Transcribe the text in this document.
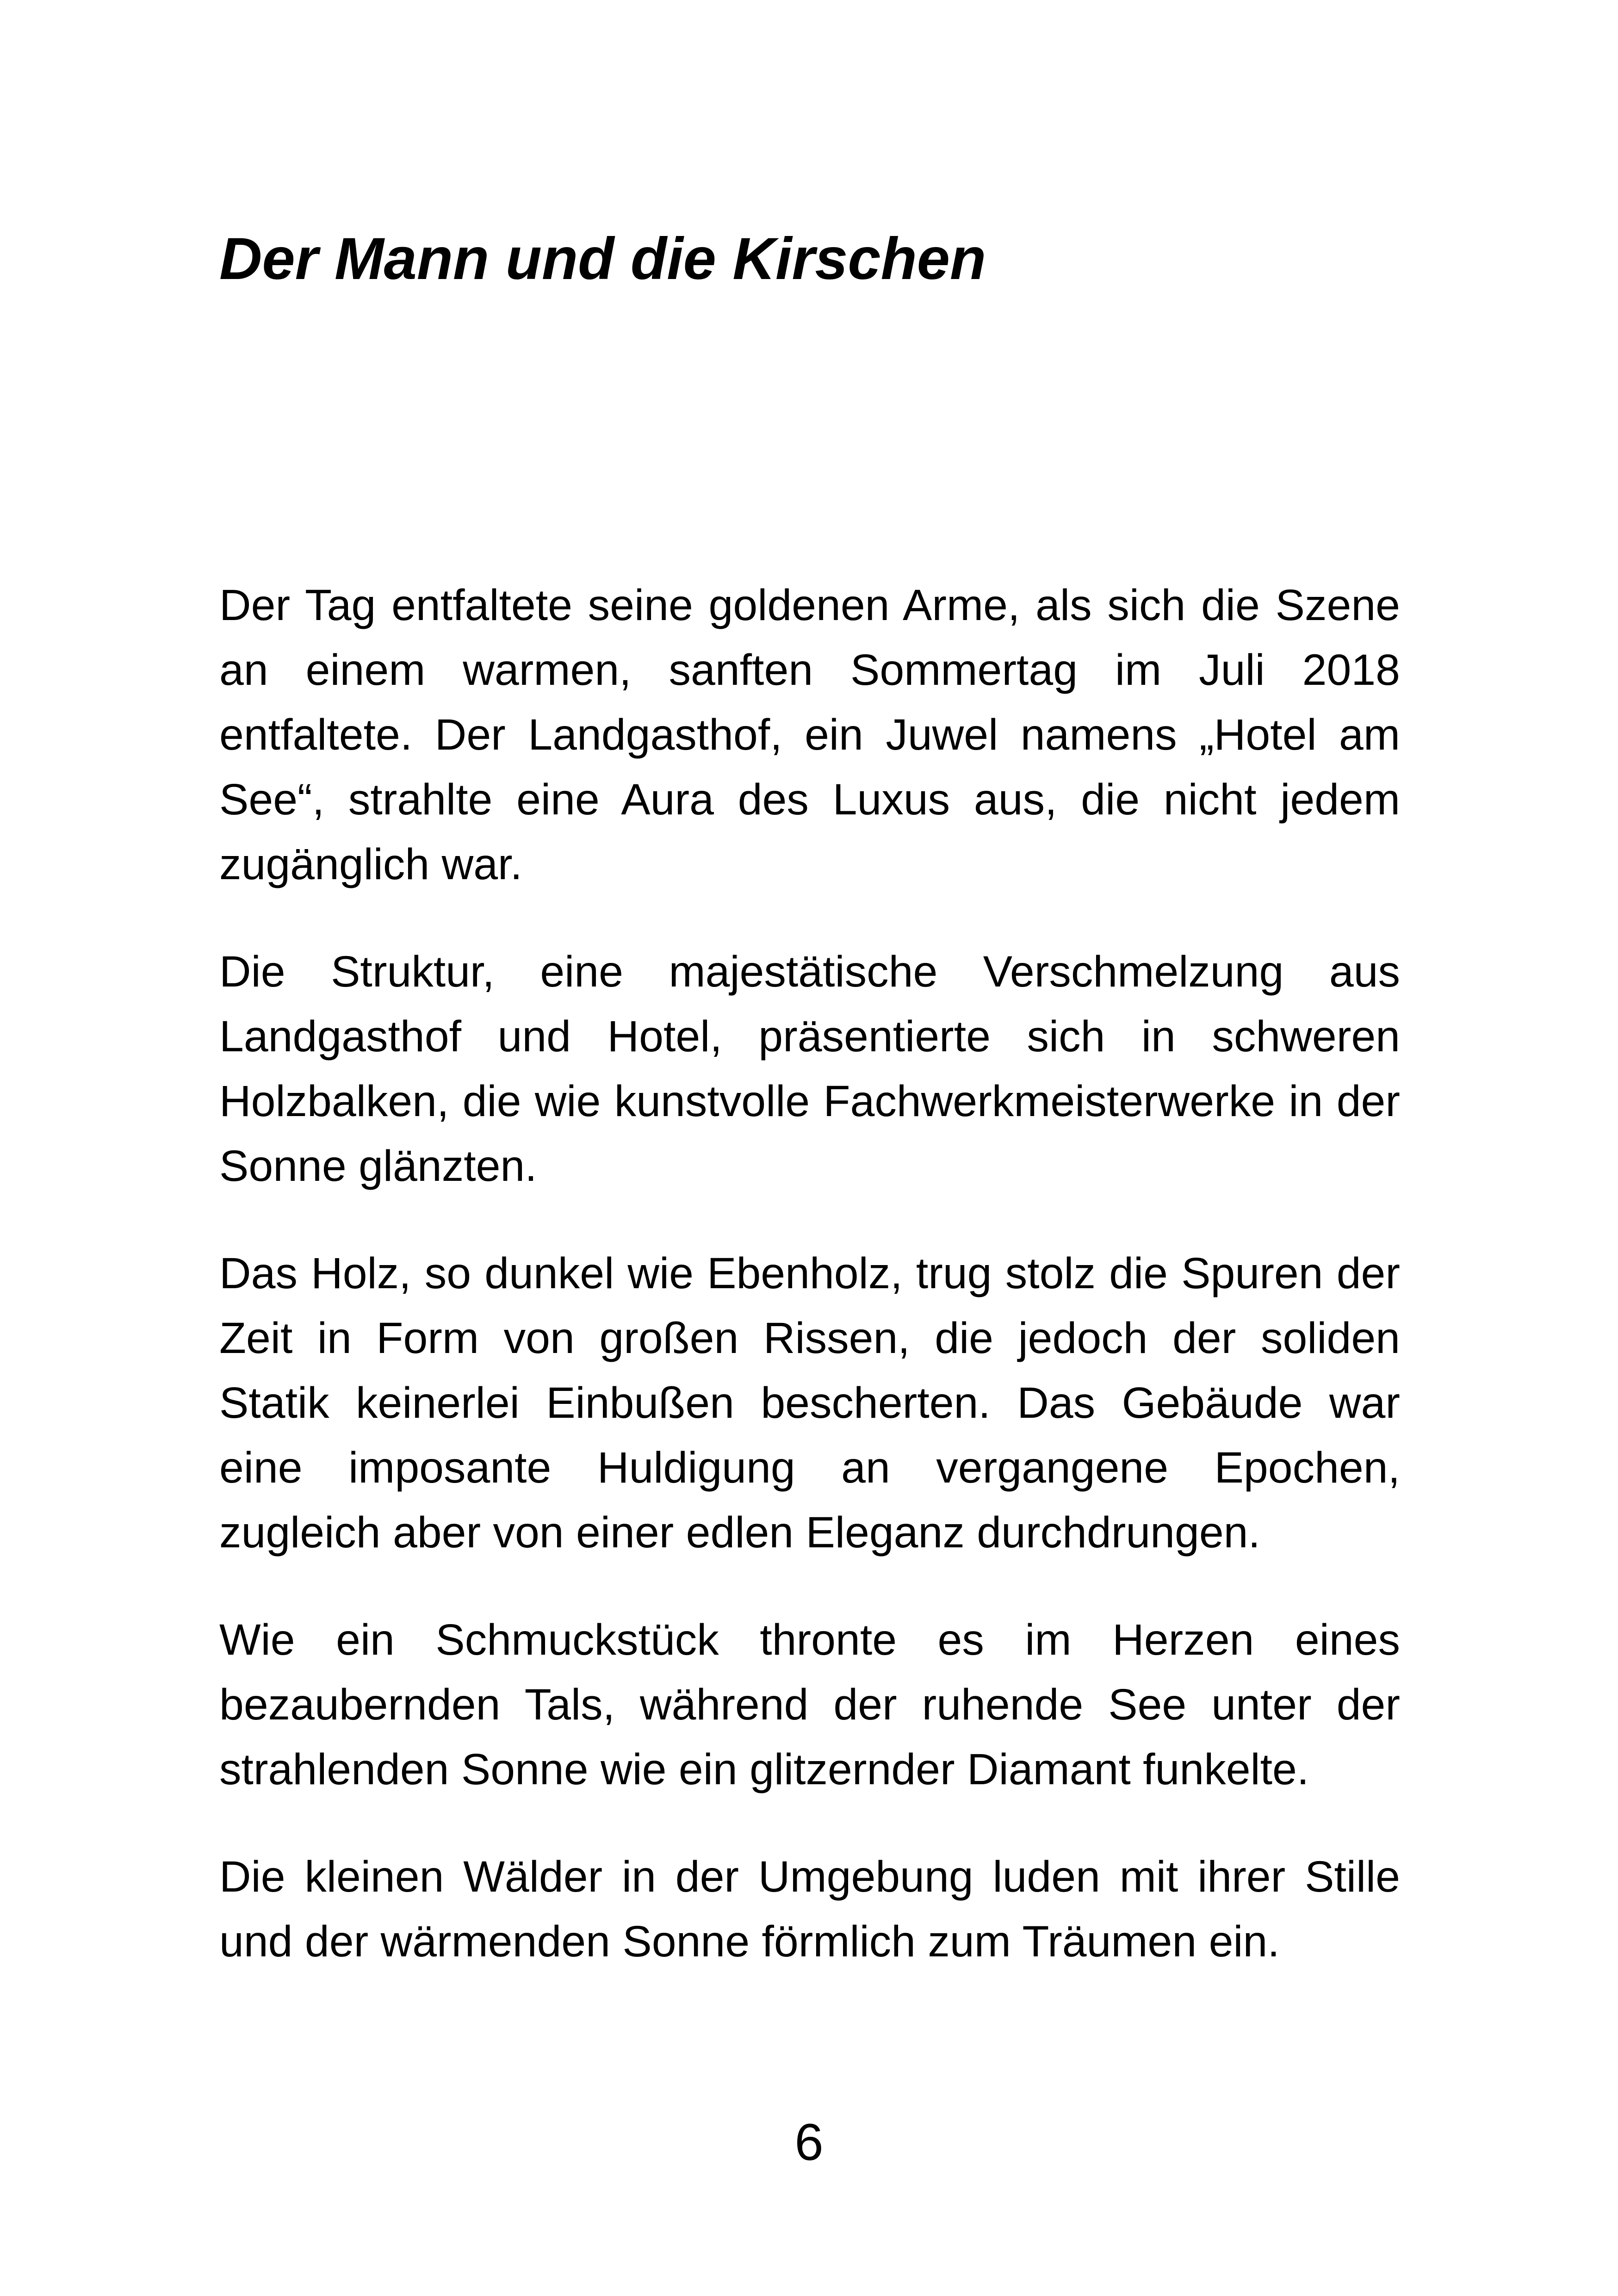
Der Mann und die Kirschen

Der Tag entfaltete seine goldenen Arme, als sich die Szene an einem warmen, sanften Sommertag im Juli 2018 entfaltete. Der Landgasthof, ein Juwel namens „Hotel am See“, strahlte eine Aura des Luxus aus, die nicht jedem zugänglich war.

Die Struktur, eine majestätische Verschmelzung aus Landgasthof und Hotel, präsentierte sich in schweren Holzbalken, die wie kunstvolle Fachwerkmeisterwerke in der Sonne glänzten.

Das Holz, so dunkel wie Ebenholz, trug stolz die Spuren der Zeit in Form von großen Rissen, die jedoch der soliden Statik keinerlei Einbußen bescherten. Das Gebäude war eine imposante Huldigung an vergangene Epochen, zugleich aber von einer edlen Eleganz durchdrungen.

Wie ein Schmuckstück thronte es im Herzen eines bezaubernden Tals, während der ruhende See unter der strahlenden Sonne wie ein glitzernder Diamant funkelte.

Die kleinen Wälder in der Umgebung luden mit ihrer Stille und der wärmenden Sonne förmlich zum Träumen ein.

6
